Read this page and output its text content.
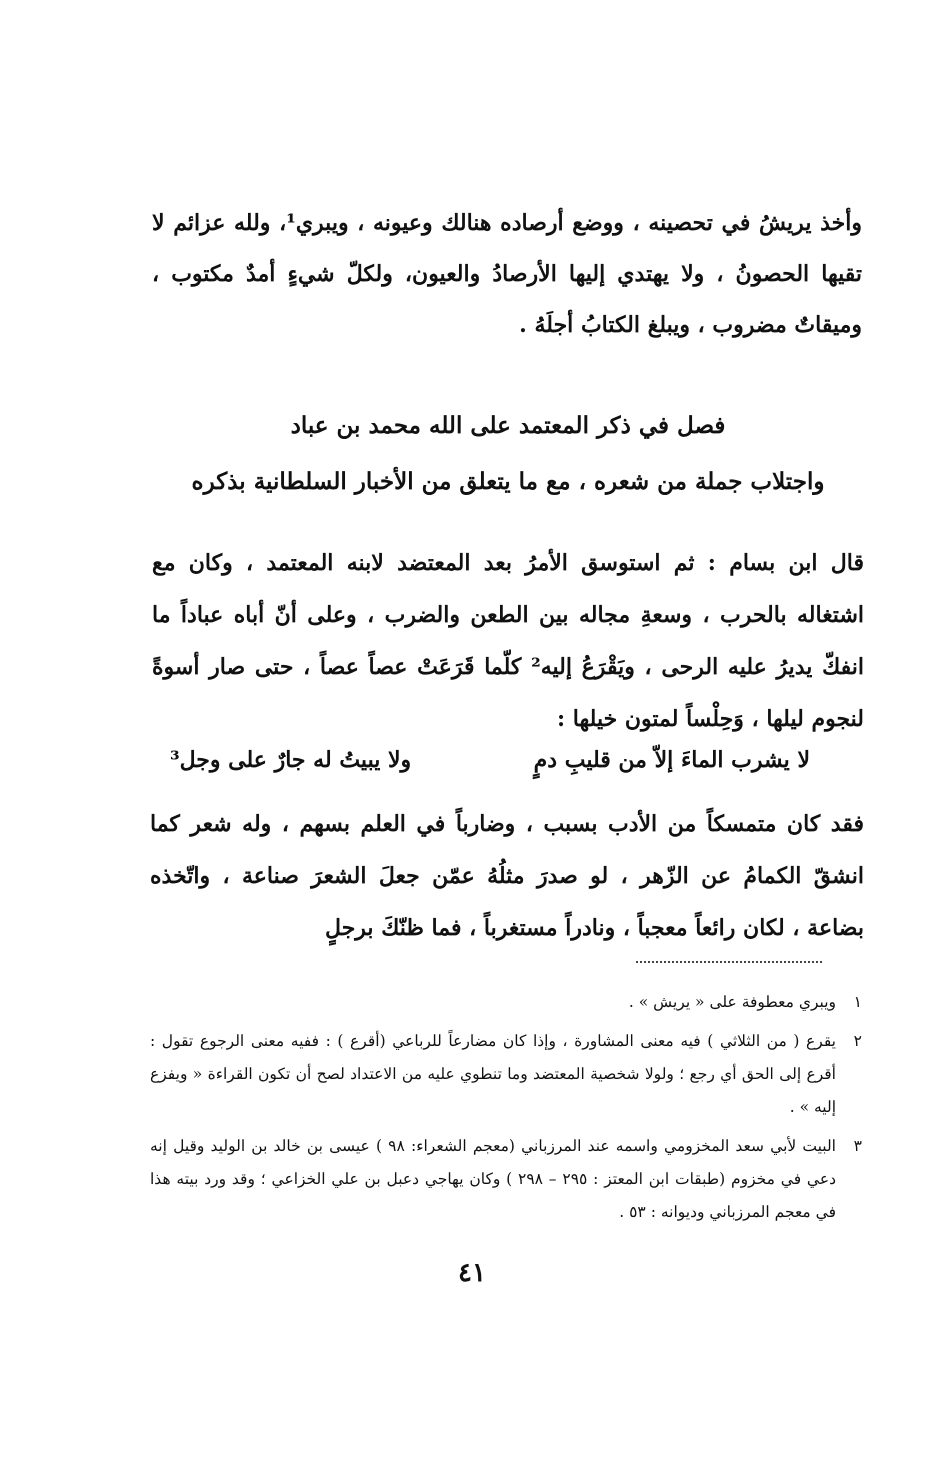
وأخذ يريشُ في تحصينه ، ووضع أرصاده هنالك وعيونه ، ويبري¹، ولله عزائم لا تقيها الحصونُ ، ولا يهتدي إليها الأرصادُ والعيون، ولكلّ شيءٍ أمدٌ مكتوب ، وميقاتٌ مضروب ، ويبلغ الكتابُ أجلَهُ .
فصل في ذكر المعتمد على الله محمد بن عباد
واجتلاب جملة من شعره ، مع ما يتعلق من الأخبار السلطانية بذكره
قال ابن بسام : ثم استوسق الأمرُ بعد المعتضد لابنه المعتمد ، وكان مع اشتغاله بالحرب ، وسعةِ مجاله بين الطعن والضرب ، وعلى أنّ أباه عباداً ما انفكّ يديرُ عليه الرحى ، ويَقْرَعُ إليه² كلّما قَرَعَتْ عصاً عصاً ، حتى صار أسوةً لنجوم ليلها ، وَحِلْساً لمتون خيلها :
لا يشرب الماءَ إلاّ من قليبِ دمٍ
ولا يبيتُ له جارٌ على وجل³
فقد كان متمسكاً من الأدب بسبب ، وضارباً في العلم بسهم ، وله شعر كما انشقّ الكمامُ عن الزّهر ، لو صدرَ مثلُهُ عمّن جعلَ الشعرَ صناعة ، واتّخذه بضاعة ، لكان رائعاً معجباً ، ونادراً مستغرباً ، فما ظنّكَ برجلٍ
١
ويبري معطوفة على « يريش » .
٢
يقرع ( من الثلاثي ) فيه معنى المشاورة ، وإذا كان مضارعاً للرباعي (أقرع ) : ففيه معنى الرجوع تقول : أقرع إلى الحق أي رجع ؛ ولولا شخصية المعتضد وما تنطوي عليه من الاعتداد لصح أن تكون القراءة « ويفزع إليه » .
٣
البيت لأبي سعد المخزومي واسمه عند المرزباني (معجم الشعراء: ٩٨ ) عيسى بن خالد بن الوليد وقيل إنه دعي في مخزوم (طبقات ابن المعتز : ٢٩٥ – ٢٩٨ ) وكان يهاجي دعبل بن علي الخزاعي ؛ وقد ورد بيته هذا في معجم المرزباني وديوانه : ٥٣ .
٤١
